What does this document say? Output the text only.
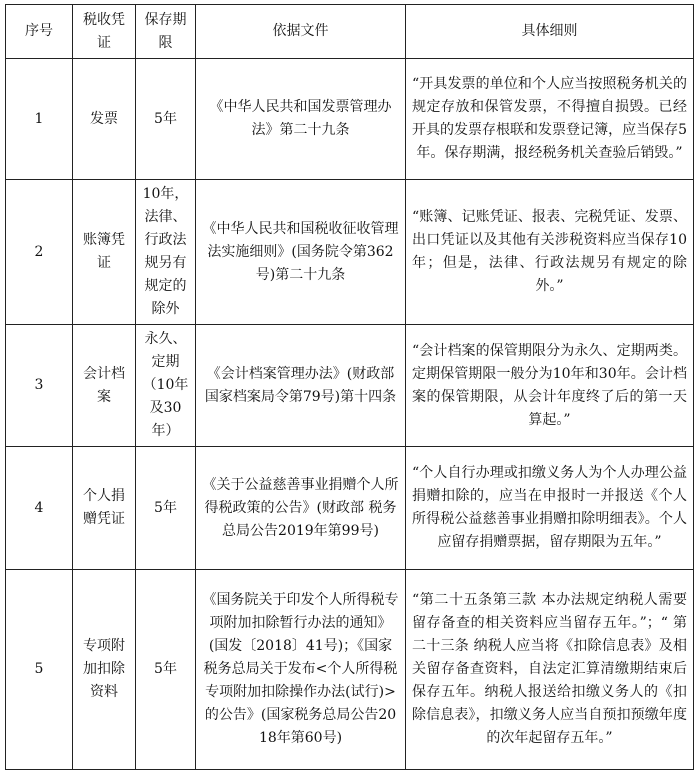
序号	税收凭证	保存期限	依据文件	具体细则
1	发票	5年	《中华人民共和国发票管理办法》第二十九条	“开具发票的单位和个人应当按照税务机关的规定存放和保管发票，不得擅自损毁。已经开具的发票存根联和发票登记簿，应当保存5年。保存期满，报经税务机关查验后销毁。”
2	账簿凭证	10年，法律、行政法规另有规定的除外	《中华人民共和国税收征收管理法实施细则》(国务院令第362号)第二十九条	“账簿、记账凭证、报表、完税凭证、发票、出口凭证以及其他有关涉税资料应当保存10年；但是，法律、行政法规另有规定的除外。”
3	会计档案	永久、定期（10年及30年）	《会计档案管理办法》(财政部 国家档案局令第79号)第十四条	“会计档案的保管期限分为永久、定期两类。定期保管期限一般分为10年和30年。会计档案的保管期限，从会计年度终了后的第一天算起。”
4	个人捐赠凭证	5年	《关于公益慈善事业捐赠个人所得税政策的公告》(财政部 税务总局公告2019年第99号)	“个人自行办理或扣缴义务人为个人办理公益捐赠扣除的，应当在申报时一并报送《个人所得税公益慈善事业捐赠扣除明细表》。个人应留存捐赠票据，留存期限为五年。”
5	专项附加扣除资料	5年	《国务院关于印发个人所得税专项附加扣除暂行办法的通知》(国发〔2018〕41号)；《国家税务总局关于发布<个人所得税专项附加扣除操作办法(试行)>的公告》(国家税务总局公告2018年第60号)	“第二十五条第三款 本办法规定纳税人需要留存备查的相关资料应当留存五年。”；“ 第二十三条 纳税人应当将《扣除信息表》及相关留存备查资料，自法定汇算清缴期结束后保存五年。纳税人报送给扣缴义务人的《扣除信息表》，扣缴义务人应当自预扣预缴年度的次年起留存五年。”
